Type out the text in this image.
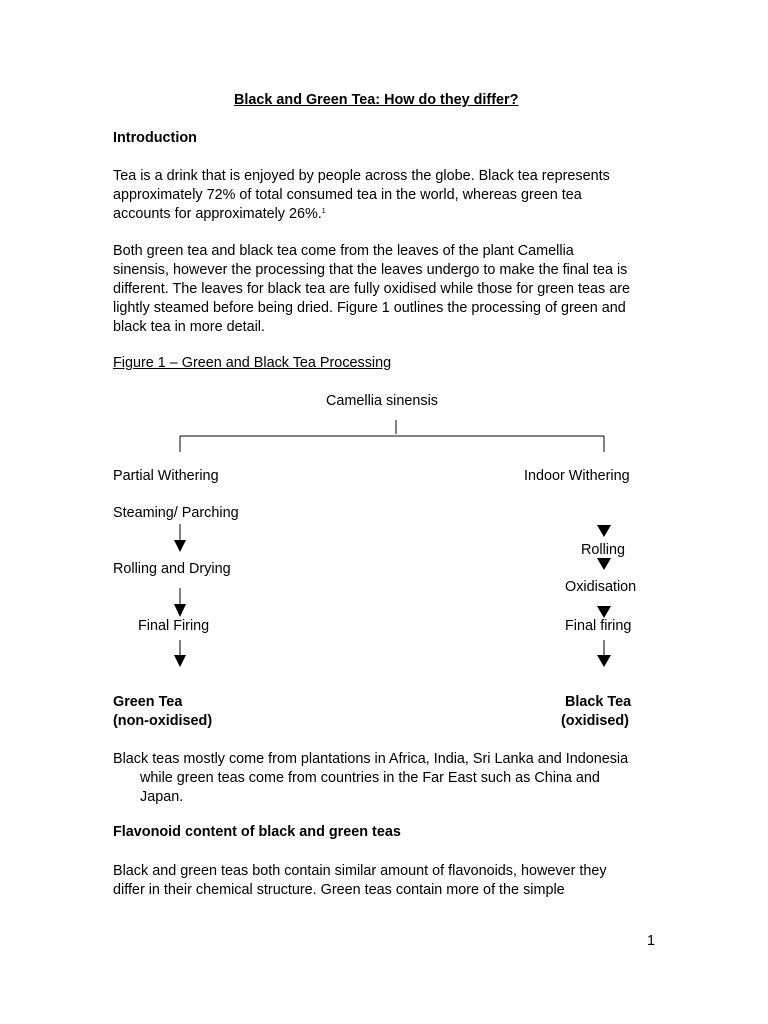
Black and Green Tea: How do they differ?
Introduction
Tea is a drink that is enjoyed by people across the globe. Black tea represents
approximately 72% of total consumed tea in the world, whereas green tea
accounts for approximately 26%.$^1$
Both green tea and black tea come from the leaves of the plant Camellia
sinensis, however the processing that the leaves undergo to make the final tea is
different. The leaves for black tea are fully oxidised while those for green teas are
lightly steamed before being dried. Figure 1 outlines the processing of green and
black tea in more detail.
Figure 1 – Green and Black Tea Processing
Camellia sinensis
Partial Withering
Steaming/ Parching
Rolling and Drying
Final Firing
Green Tea
(non-oxidised)
Indoor Withering
Rolling
Oxidisation
Final firing
Black Tea
(oxidised)
Black teas mostly come from plantations in Africa, India, Sri Lanka and Indonesia
while green teas come from countries in the Far East such as China and
Japan.
Flavonoid content of black and green teas
Black and green teas both contain similar amount of flavonoids, however they
differ in their chemical structure. Green teas contain more of the simple
1
